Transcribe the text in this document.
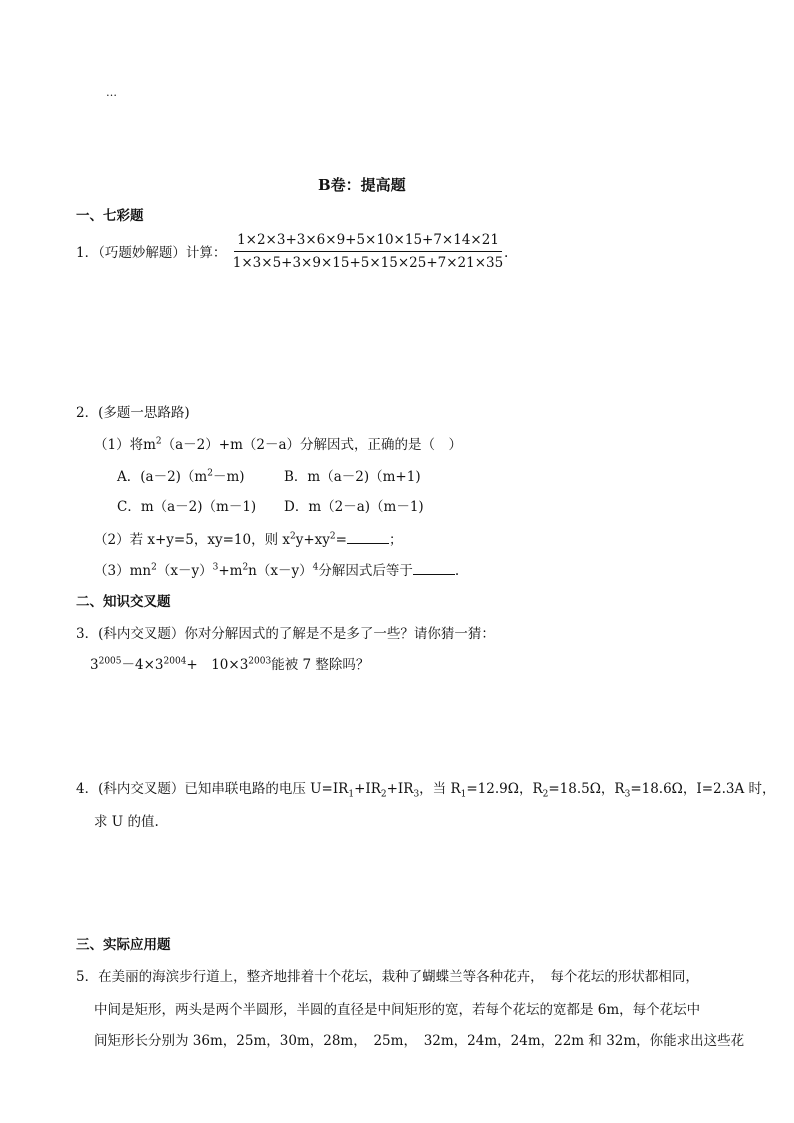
…
B卷：提高题
一、七彩题
1．（巧题妙解题）计算：
1×2×3+3×6×9+5×10×15+7×14×21
1×3×5+3×9×15+5×15×25+7×21×35
.
2．(多题一思路路)
（1）将$m^2(a-2)+m(2-a)$分解因式，正确的是（　）
A．$(a-2)(m^2-m)$	B．m（a－2)（m+1)
C．m（a－2)（m－1) D．m（2－a)（m－1)
（2）若 x+y=5，xy=10，则 $x^2y+xy^2=$	；
$(3)mn^2(x-y)^3+m^2n(x-y)^4$分解因式后等于	.
二、知识交叉题
3．(科内交叉题）你对分解因式的了解是不是多了一些？请你猜一猜：
$3^{2005}-4\times 3^{2004}+$　$10\times 3^{2003}$能被 7 整除吗？
4．(科内交叉题）已知串联电路的电压 $U=IR_1+IR_2+IR_3$，当 $R_1=12.9\Omega$，$R_2=18.5\Omega$，$R_3=18.6\Omega$，I=2.3A 时，
求 U 的值.
三、实际应用题
5．在美丽的海滨步行道上，整齐地排着十个花坛，栽种了蝴蝶兰等各种花卉，　每个花坛的形状都相同，
中间是矩形，两头是两个半圆形，半圆的直径是中间矩形的宽，若每个花坛的宽都是 6m，每个花坛中
间矩形长分别为 36m，25m，30m，28m，　25m，　32m，24m，24m，22m 和 32m，你能求出这些花
